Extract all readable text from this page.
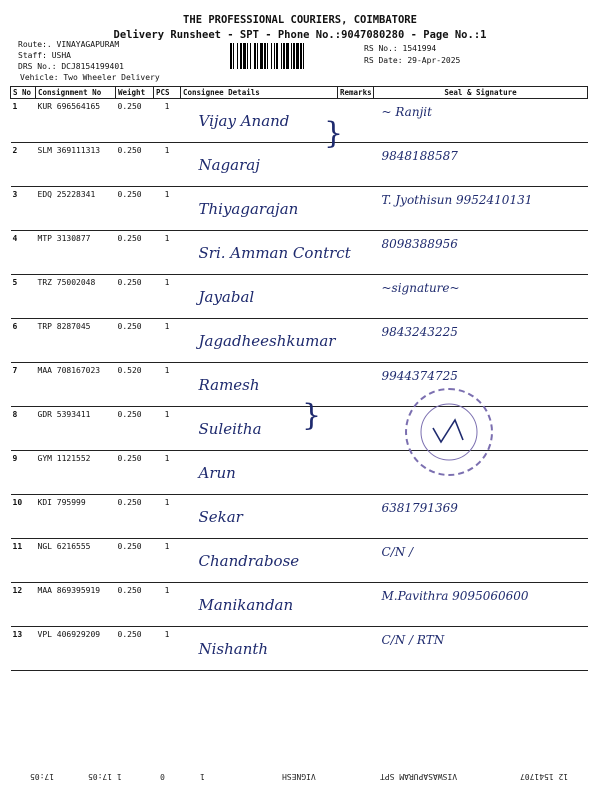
THE PROFESSIONAL COURIERS, COIMBATORE
Delivery Runsheet - SPT - Phone No.:9047080280 - Page No.:1
Route:. VINAYAGAPURAM
Staff: USHA
DRS No.: DCJ8154199401
Vehicle: Two Wheeler Delivery
RS No.: 1541994
RS Date: 29-Apr-2025
S No	Consignment No	Weight	PCS	Consignee Details	Remarks	Seal & Signature
1	KUR 696564165	0.250	1	Vijay Anand		~ Ranjit

2	SLM 369111313	0.250	1	Nagaraj		9848188587

3	EDQ 25228341	0.250	1	Thiyagarajan		T. Jyothisun 9952410131

4	MTP 3130877	0.250	1	Sri. Amman Contrct		8098388956

5	TRZ 75002048	0.250	1	Jayabal		~signature~

6	TRP 8287045	0.250	1	Jagadheeshkumar		9843243225

7	MAA 708167023	0.520	1	Ramesh		9944374725

8	GDR 5393411	0.250	1	Suleitha		

9	GYM 1121552	0.250	1	Arun		

10	KDI 795999	0.250	1	Sekar		6381791369

11	NGL 6216555	0.250	1	Chandrabose		C/N /

12	MAA 869395919	0.250	1	Manikandan		M.Pavithra 9095060600

13	VPL 406929209	0.250	1	Nishanth		C/N / RTN
}
}
12 1541707
VISWASAPURAM SPT
VIGNESH
1
0
1 17:05
17:05
